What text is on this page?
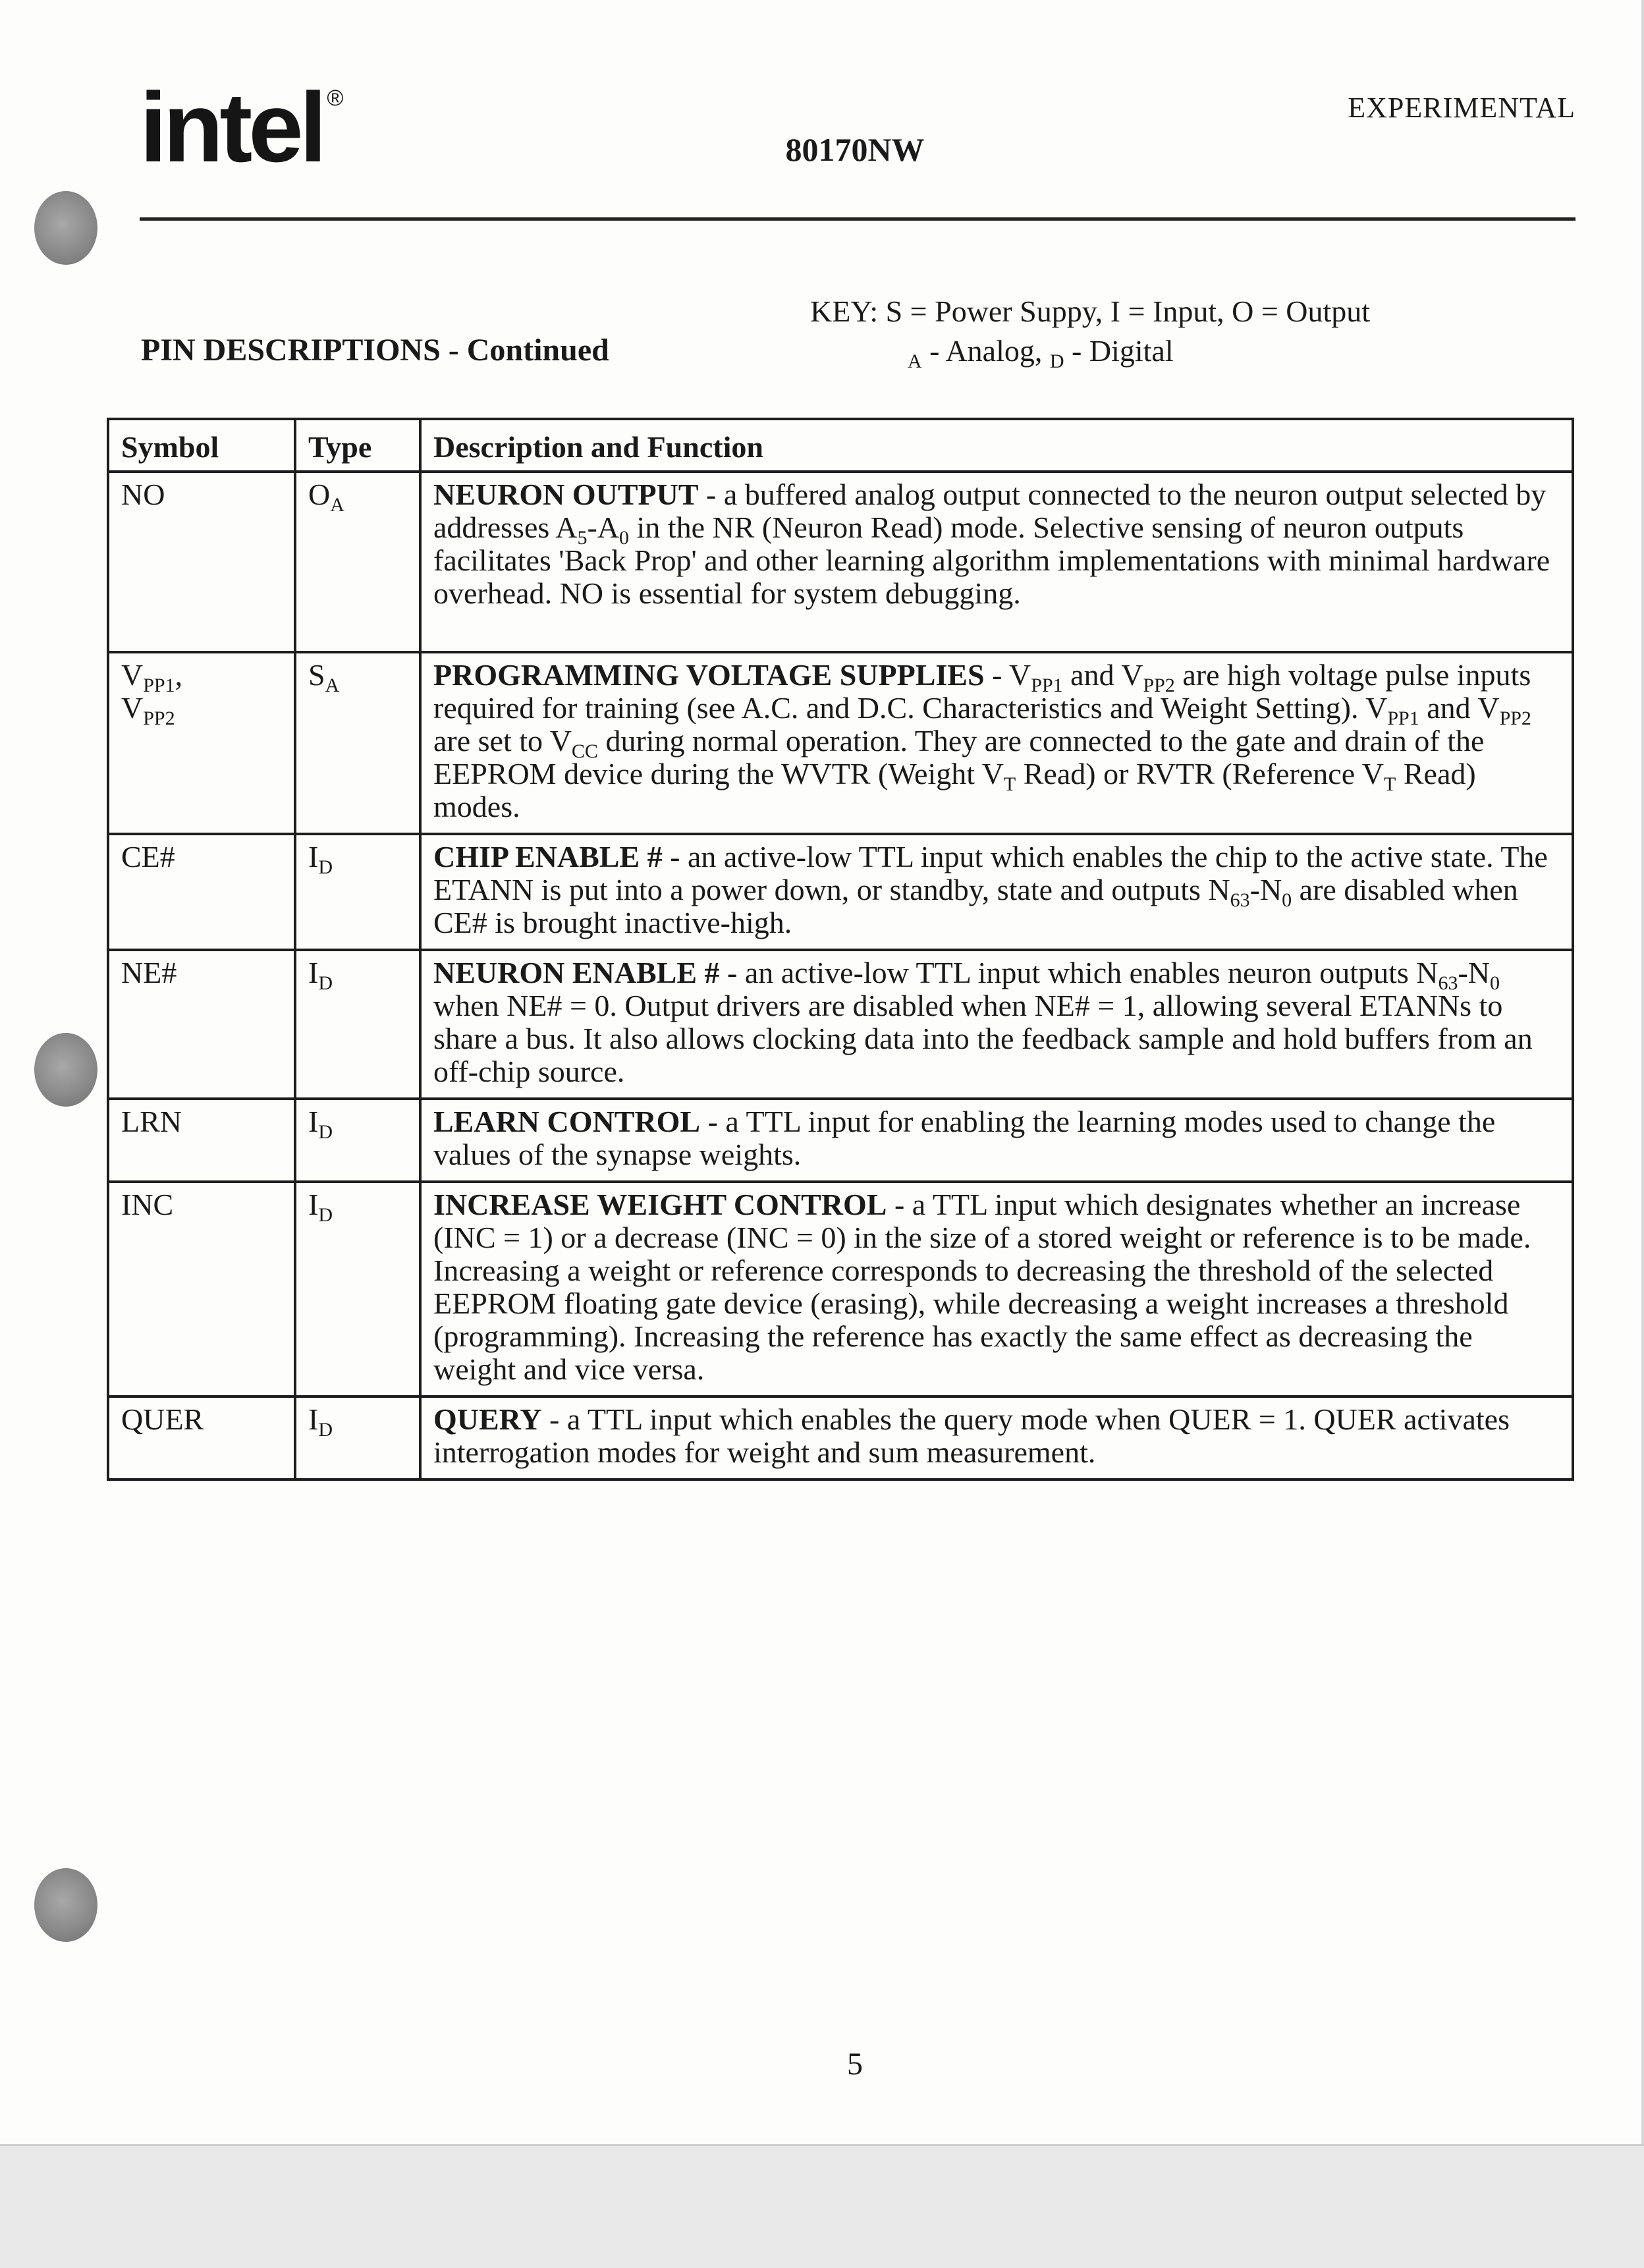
intel ®	EXPERIMENTAL
80170NW
PIN DESCRIPTIONS - Continued
KEY: S = Power Suppy, I = Input, O = Output
$_A$ - Analog, $_D$ - Digital
Symbol	Type	Description and Function
NO	$O_A$	NEURON OUTPUT - a buffered analog output connected to the neuron output selected by addresses $A_5-A_0$ in the NR (Neuron Read) mode. Selective sensing of neuron outputs facilitates 'Back Prop' and other learning algorithm implementations with minimal hardware overhead. NO is essential for system debugging.
$V_{PP1}$,
$V_{PP2}$	$S_A$	PROGRAMMING VOLTAGE SUPPLIES - $V_{PP1}$ and $V_{PP2}$ are high voltage pulse inputs required for training (see A.C. and D.C. Characteristics and Weight Setting). $V_{PP1}$ and $V_{PP2}$ are set to $V_{CC}$ during normal operation. They are connected to the gate and drain of the EEPROM device during the WVTR (Weight $V_T$ Read) or RVTR (Reference $V_T$ Read) modes.
CE#	$I_D$	CHIP ENABLE # - an active-low TTL input which enables the chip to the active state. The ETANN is put into a power down, or standby, state and outputs $N_{63}-N_0$ are disabled when CE# is brought inactive-high.
NE#	$I_D$	NEURON ENABLE # - an active-low TTL input which enables neuron outputs $N_{63}-N_0$ when NE# = 0. Output drivers are disabled when NE# = 1, allowing several ETANNs to share a bus. It also allows clocking data into the feedback sample and hold buffers from an off-chip source.
LRN	$I_D$	LEARN CONTROL - a TTL input for enabling the learning modes used to change the values of the synapse weights.
INC	$I_D$	INCREASE WEIGHT CONTROL - a TTL input which designates whether an increase (INC = 1) or a decrease (INC = 0) in the size of a stored weight or reference is to be made. Increasing a weight or reference corresponds to decreasing the threshold of the selected EEPROM floating gate device (erasing), while decreasing a weight increases a threshold (programming). Increasing the reference has exactly the same effect as decreasing the weight and vice versa.
QUER	$I_D$	QUERY - a TTL input which enables the query mode when QUER = 1. QUER activates interrogation modes for weight and sum measurement.
5
